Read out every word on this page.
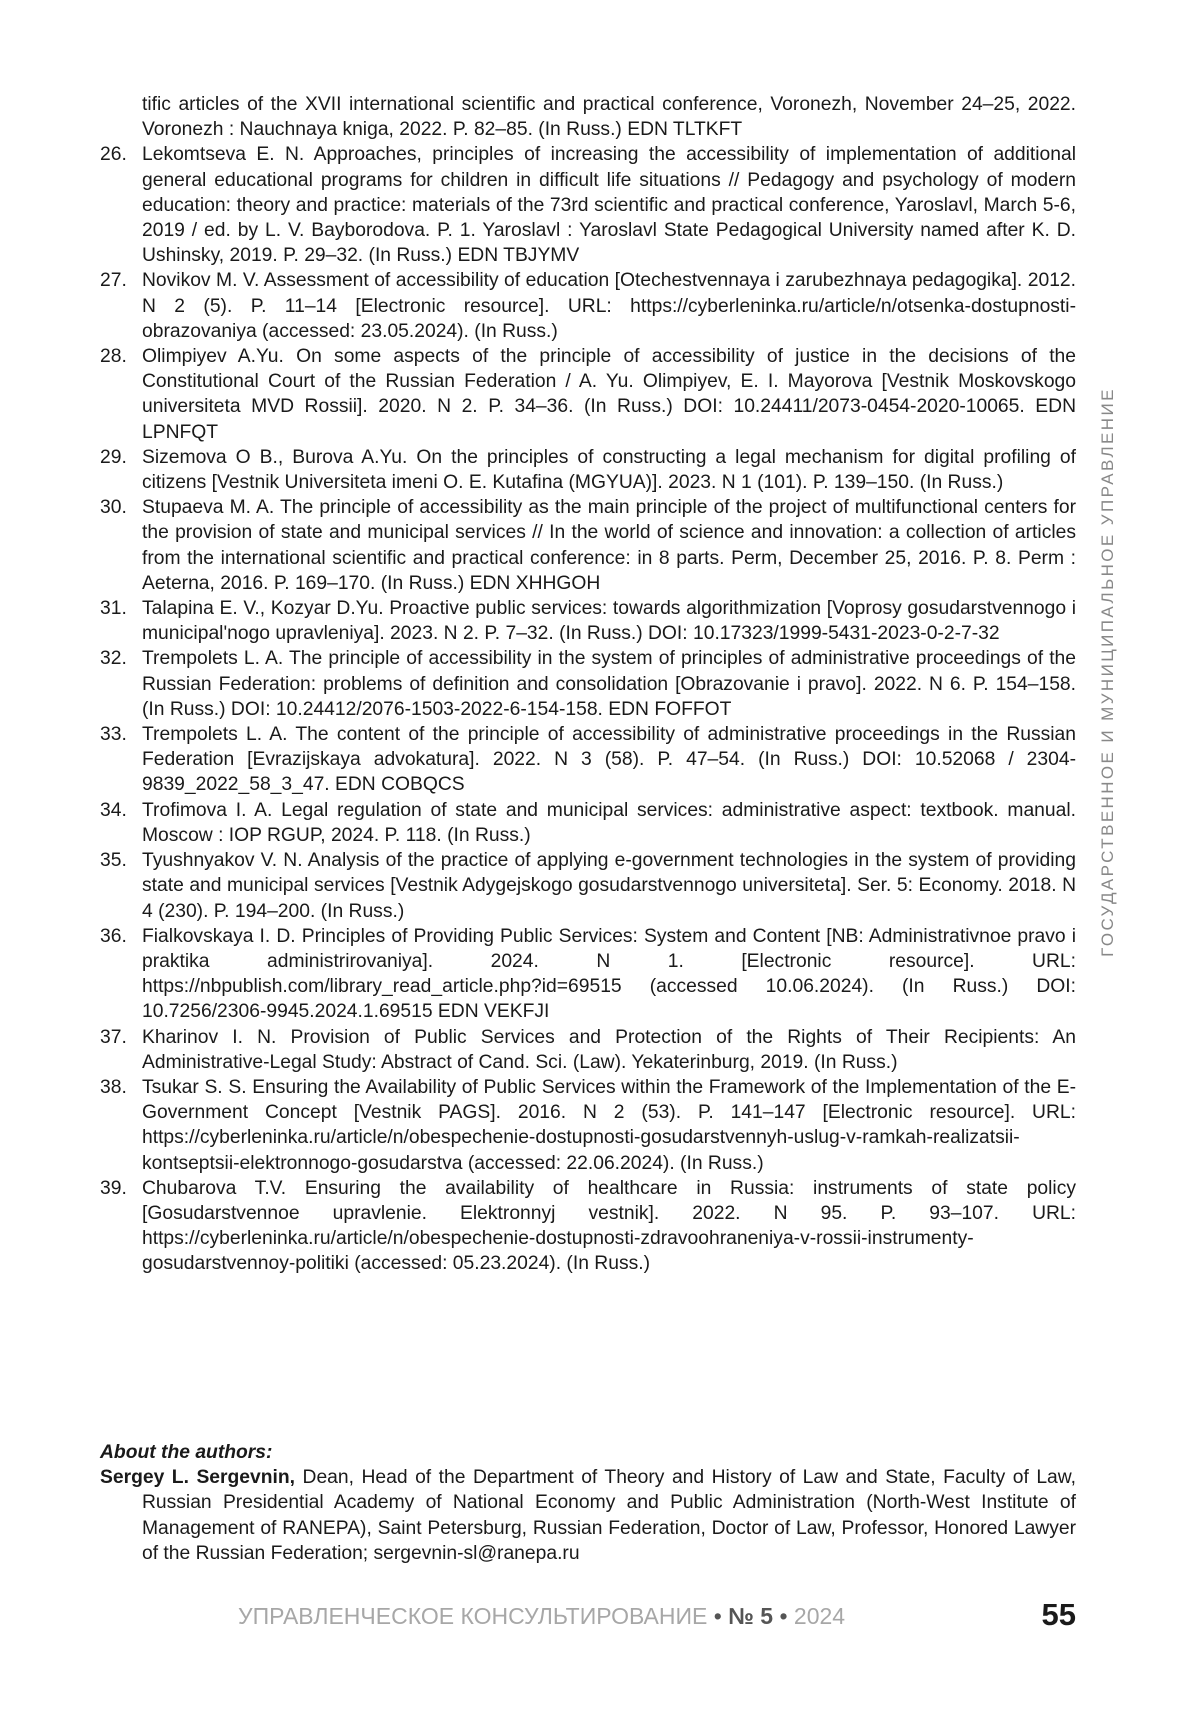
tific articles of the XVII international scientific and practical conference, Voronezh, November 24–25, 2022. Voronezh : Nauchnaya kniga, 2022. P. 82–85. (In Russ.) EDN TLTKFT
26. Lekomtseva E. N. Approaches, principles of increasing the accessibility of implementation of additional general educational programs for children in difficult life situations // Pedagogy and psychology of modern education: theory and practice: materials of the 73rd scientific and practical conference, Yaroslavl, March 5-6, 2019 / ed. by L. V. Bayborodova. P. 1. Yaroslavl : Yaroslavl State Pedagogical University named after K. D. Ushinsky, 2019. P. 29–32. (In Russ.) EDN TBJYMV
27. Novikov M. V. Assessment of accessibility of education [Otechestvennaya i zarubezhnaya pedagogika]. 2012. N 2 (5). P. 11–14 [Electronic resource]. URL: https://cyberleninka.ru/article/n/otsenka-dostupnosti-obrazovaniya (accessed: 23.05.2024). (In Russ.)
28. Olimpiyev A.Yu. On some aspects of the principle of accessibility of justice in the decisions of the Constitutional Court of the Russian Federation / A. Yu. Olimpiyev, E. I. Mayorova [Vestnik Moskovskogo universiteta MVD Rossii]. 2020. N 2. P. 34–36. (In Russ.) DOI: 10.24411/2073-0454-2020-10065. EDN LPNFQT
29. Sizemova O B., Burova A.Yu. On the principles of constructing a legal mechanism for digital profiling of citizens [Vestnik Universiteta imeni O. E. Kutafina (MGYUA)]. 2023. N 1 (101). P. 139–150. (In Russ.)
30. Stupaeva M. A. The principle of accessibility as the main principle of the project of multifunctional centers for the provision of state and municipal services // In the world of science and innovation: a collection of articles from the international scientific and practical conference: in 8 parts. Perm, December 25, 2016. P. 8. Perm : Aeterna, 2016. P. 169–170. (In Russ.) EDN XHHGOH
31. Talapina E. V., Kozyar D.Yu. Proactive public services: towards algorithmization [Voprosy gosudarstvennogo i municipal'nogo upravleniya]. 2023. N 2. P. 7–32. (In Russ.) DOI: 10.17323/1999-5431-2023-0-2-7-32
32. Trempolets L. A. The principle of accessibility in the system of principles of administrative proceedings of the Russian Federation: problems of definition and consolidation [Obrazovanie i pravo]. 2022. N 6. P. 154–158. (In Russ.) DOI: 10.24412/2076-1503-2022-6-154-158. EDN FOFFOT
33. Trempolets L. A. The content of the principle of accessibility of administrative proceedings in the Russian Federation [Evrazijskaya advokatura]. 2022. N 3 (58). P. 47–54. (In Russ.) DOI: 10.52068 / 2304-9839_2022_58_3_47. EDN COBQCS
34. Trofimova I. A. Legal regulation of state and municipal services: administrative aspect: textbook. manual. Moscow : IOP RGUP, 2024. P. 118. (In Russ.)
35. Tyushnyakov V. N. Analysis of the practice of applying e-government technologies in the system of providing state and municipal services [Vestnik Adygejskogo gosudarstvennogo universiteta]. Ser. 5: Economy. 2018. N 4 (230). P. 194–200. (In Russ.)
36. Fialkovskaya I. D. Principles of Providing Public Services: System and Content [NB: Administrativnoe pravo i praktika administrirovaniya]. 2024. N 1. [Electronic resource]. URL: https://nbpublish.com/library_read_article.php?id=69515 (accessed 10.06.2024). (In Russ.) DOI: 10.7256/2306-9945.2024.1.69515 EDN VEKFJI
37. Kharinov I. N. Provision of Public Services and Protection of the Rights of Their Recipients: An Administrative-Legal Study: Abstract of Cand. Sci. (Law). Yekaterinburg, 2019. (In Russ.)
38. Tsukar S. S. Ensuring the Availability of Public Services within the Framework of the Implementation of the E-Government Concept [Vestnik PAGS]. 2016. N 2 (53). P. 141–147 [Electronic resource]. URL: https://cyberleninka.ru/article/n/obespechenie-dostupnosti-gosudarstvennyh-uslug-v-ramkah-realizatsii-kontseptsii-elektronnogo-gosudarstva (accessed: 22.06.2024). (In Russ.)
39. Chubarova T.V. Ensuring the availability of healthcare in Russia: instruments of state policy [Gosudarstvennoe upravlenie. Elektronnyj vestnik]. 2022. N 95. P. 93–107. URL: https://cyberleninka.ru/article/n/obespechenie-dostupnosti-zdravoohraneniya-v-rossii-instrumenty-gosudarstvennoy-politiki (accessed: 05.23.2024). (In Russ.)
About the authors:
Sergey L. Sergevnin, Dean, Head of the Department of Theory and History of Law and State, Faculty of Law, Russian Presidential Academy of National Economy and Public Administration (North-West Institute of Management of RANEPA), Saint Petersburg, Russian Federation, Doctor of Law, Professor, Honored Lawyer of the Russian Federation; sergevnin-sl@ranepa.ru
ГОСУДАРСТВЕННОЕ И МУНИЦИПАЛЬНОЕ УПРАВЛЕНИЕ
УПРАВЛЕНЧЕСКОЕ КОНСУЛЬТИРОВАНИЕ • № 5 • 2024	55
